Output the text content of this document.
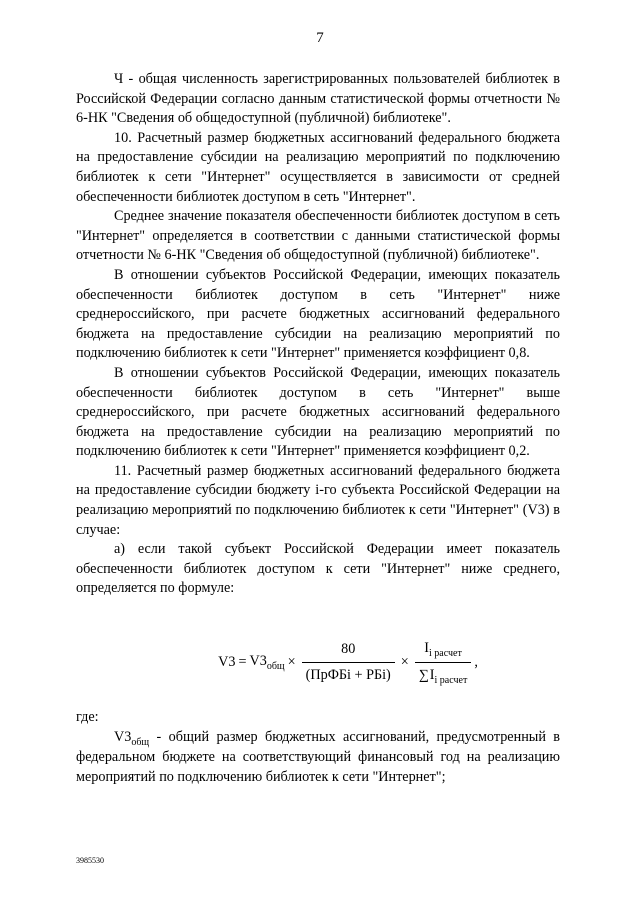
7

Ч - общая численность зарегистрированных пользователей библиотек в Российской Федерации согласно данным статистической формы отчетности № 6-НК "Сведения об общедоступной (публичной) библиотеке".

10. Расчетный размер бюджетных ассигнований федерального бюджета на предоставление субсидии на реализацию мероприятий по подключению библиотек к сети "Интернет" осуществляется в зависимости от средней обеспеченности библиотек доступом в сеть "Интернет".

Среднее значение показателя обеспеченности библиотек доступом в сеть "Интернет" определяется в соответствии с данными статистической формы отчетности № 6-НК "Сведения об общедоступной (публичной) библиотеке".

В отношении субъектов Российской Федерации, имеющих показатель обеспеченности библиотек доступом в сеть "Интернет" ниже среднероссийского, при расчете бюджетных ассигнований федерального бюджета на предоставление субсидии на реализацию мероприятий по подключению библиотек к сети "Интернет" применяется коэффициент 0,8.

В отношении субъектов Российской Федерации, имеющих показатель обеспеченности библиотек доступом в сеть "Интернет" выше среднероссийского, при расчете бюджетных ассигнований федерального бюджета на предоставление субсидии на реализацию мероприятий по подключению библиотек к сети "Интернет" применяется коэффициент 0,2.

11. Расчетный размер бюджетных ассигнований федерального бюджета на предоставление субсидии бюджету i-го субъекта Российской Федерации на реализацию мероприятий по подключению библиотек к сети "Интернет" (V3) в случае:

а) если такой субъект Российской Федерации имеет показатель обеспеченности библиотек доступом к сети "Интернет" ниже среднего, определяется по формуле:

$V3 = V3_{общ} \times \frac{80}{\text{(ПрФБi + РБi)}} \times \frac{I_{i расчет}}{\sum I_{i расчет}}$ ,

где:

$V3_{общ}$ - общий размер бюджетных ассигнований, предусмотренный в федеральном бюджете на соответствующий финансовый год на реализацию мероприятий по подключению библиотек к сети "Интернет";

3985530
